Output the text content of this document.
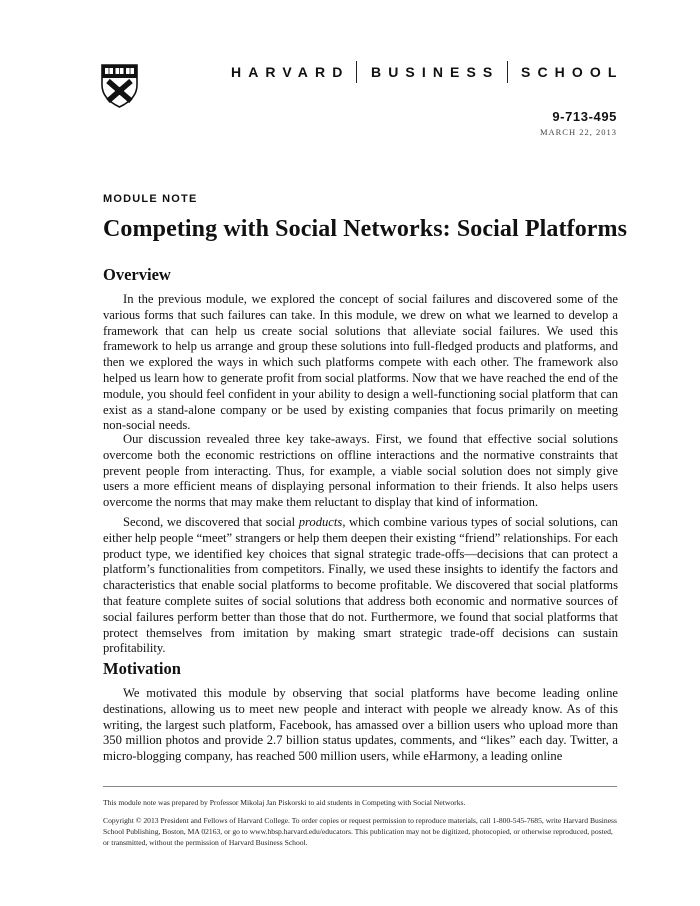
HARVARD BUSINESS SCHOOL
9-713-495
MARCH 22, 2013
MODULE NOTE
Competing with Social Networks: Social Platforms
Overview

In the previous module, we explored the concept of social failures and discovered some of the various forms that such failures can take. In this module, we drew on what we learned to develop a framework that can help us create social solutions that alleviate social failures. We used this framework to help us arrange and group these solutions into full-fledged products and platforms, and then we explored the ways in which such platforms compete with each other. The framework also helped us learn how to generate profit from social platforms. Now that we have reached the end of the module, you should feel confident in your ability to design a well-functioning social platform that can exist as a stand-alone company or be used by existing companies that focus primarily on meeting non-social needs.

Our discussion revealed three key take-aways. First, we found that effective social solutions overcome both the economic restrictions on offline interactions and the normative constraints that prevent people from interacting. Thus, for example, a viable social solution does not simply give users a more efficient means of displaying personal information to their friends. It also helps users overcome the norms that may make them reluctant to display that kind of information.

Second, we discovered that social products, which combine various types of social solutions, can either help people “meet” strangers or help them deepen their existing “friend” relationships. For each product type, we identified key choices that signal strategic trade-offs—decisions that can protect a platform’s functionalities from competitors. Finally, we used these insights to identify the factors and characteristics that enable social platforms to become profitable. We discovered that social platforms that feature complete suites of social solutions that address both economic and normative sources of social failures perform better than those that do not. Furthermore, we found that social platforms that protect themselves from imitation by making smart strategic trade-off decisions can sustain profitability.

Motivation

We motivated this module by observing that social platforms have become leading online destinations, allowing us to meet new people and interact with people we already know. As of this writing, the largest such platform, Facebook, has amassed over a billion users who upload more than 350 million photos and provide 2.7 billion status updates, comments, and “likes” each day. Twitter, a micro-blogging company, has reached 500 million users, while eHarmony, a leading online

This module note was prepared by Professor Mikolaj Jan Piskorski to aid students in Competing with Social Networks.

Copyright © 2013 President and Fellows of Harvard College. To order copies or request permission to reproduce materials, call 1-800-545-7685, write Harvard Business School Publishing, Boston, MA 02163, or go to www.hbsp.harvard.edu/educators. This publication may not be digitized, photocopied, or otherwise reproduced, posted, or transmitted, without the permission of Harvard Business School.
